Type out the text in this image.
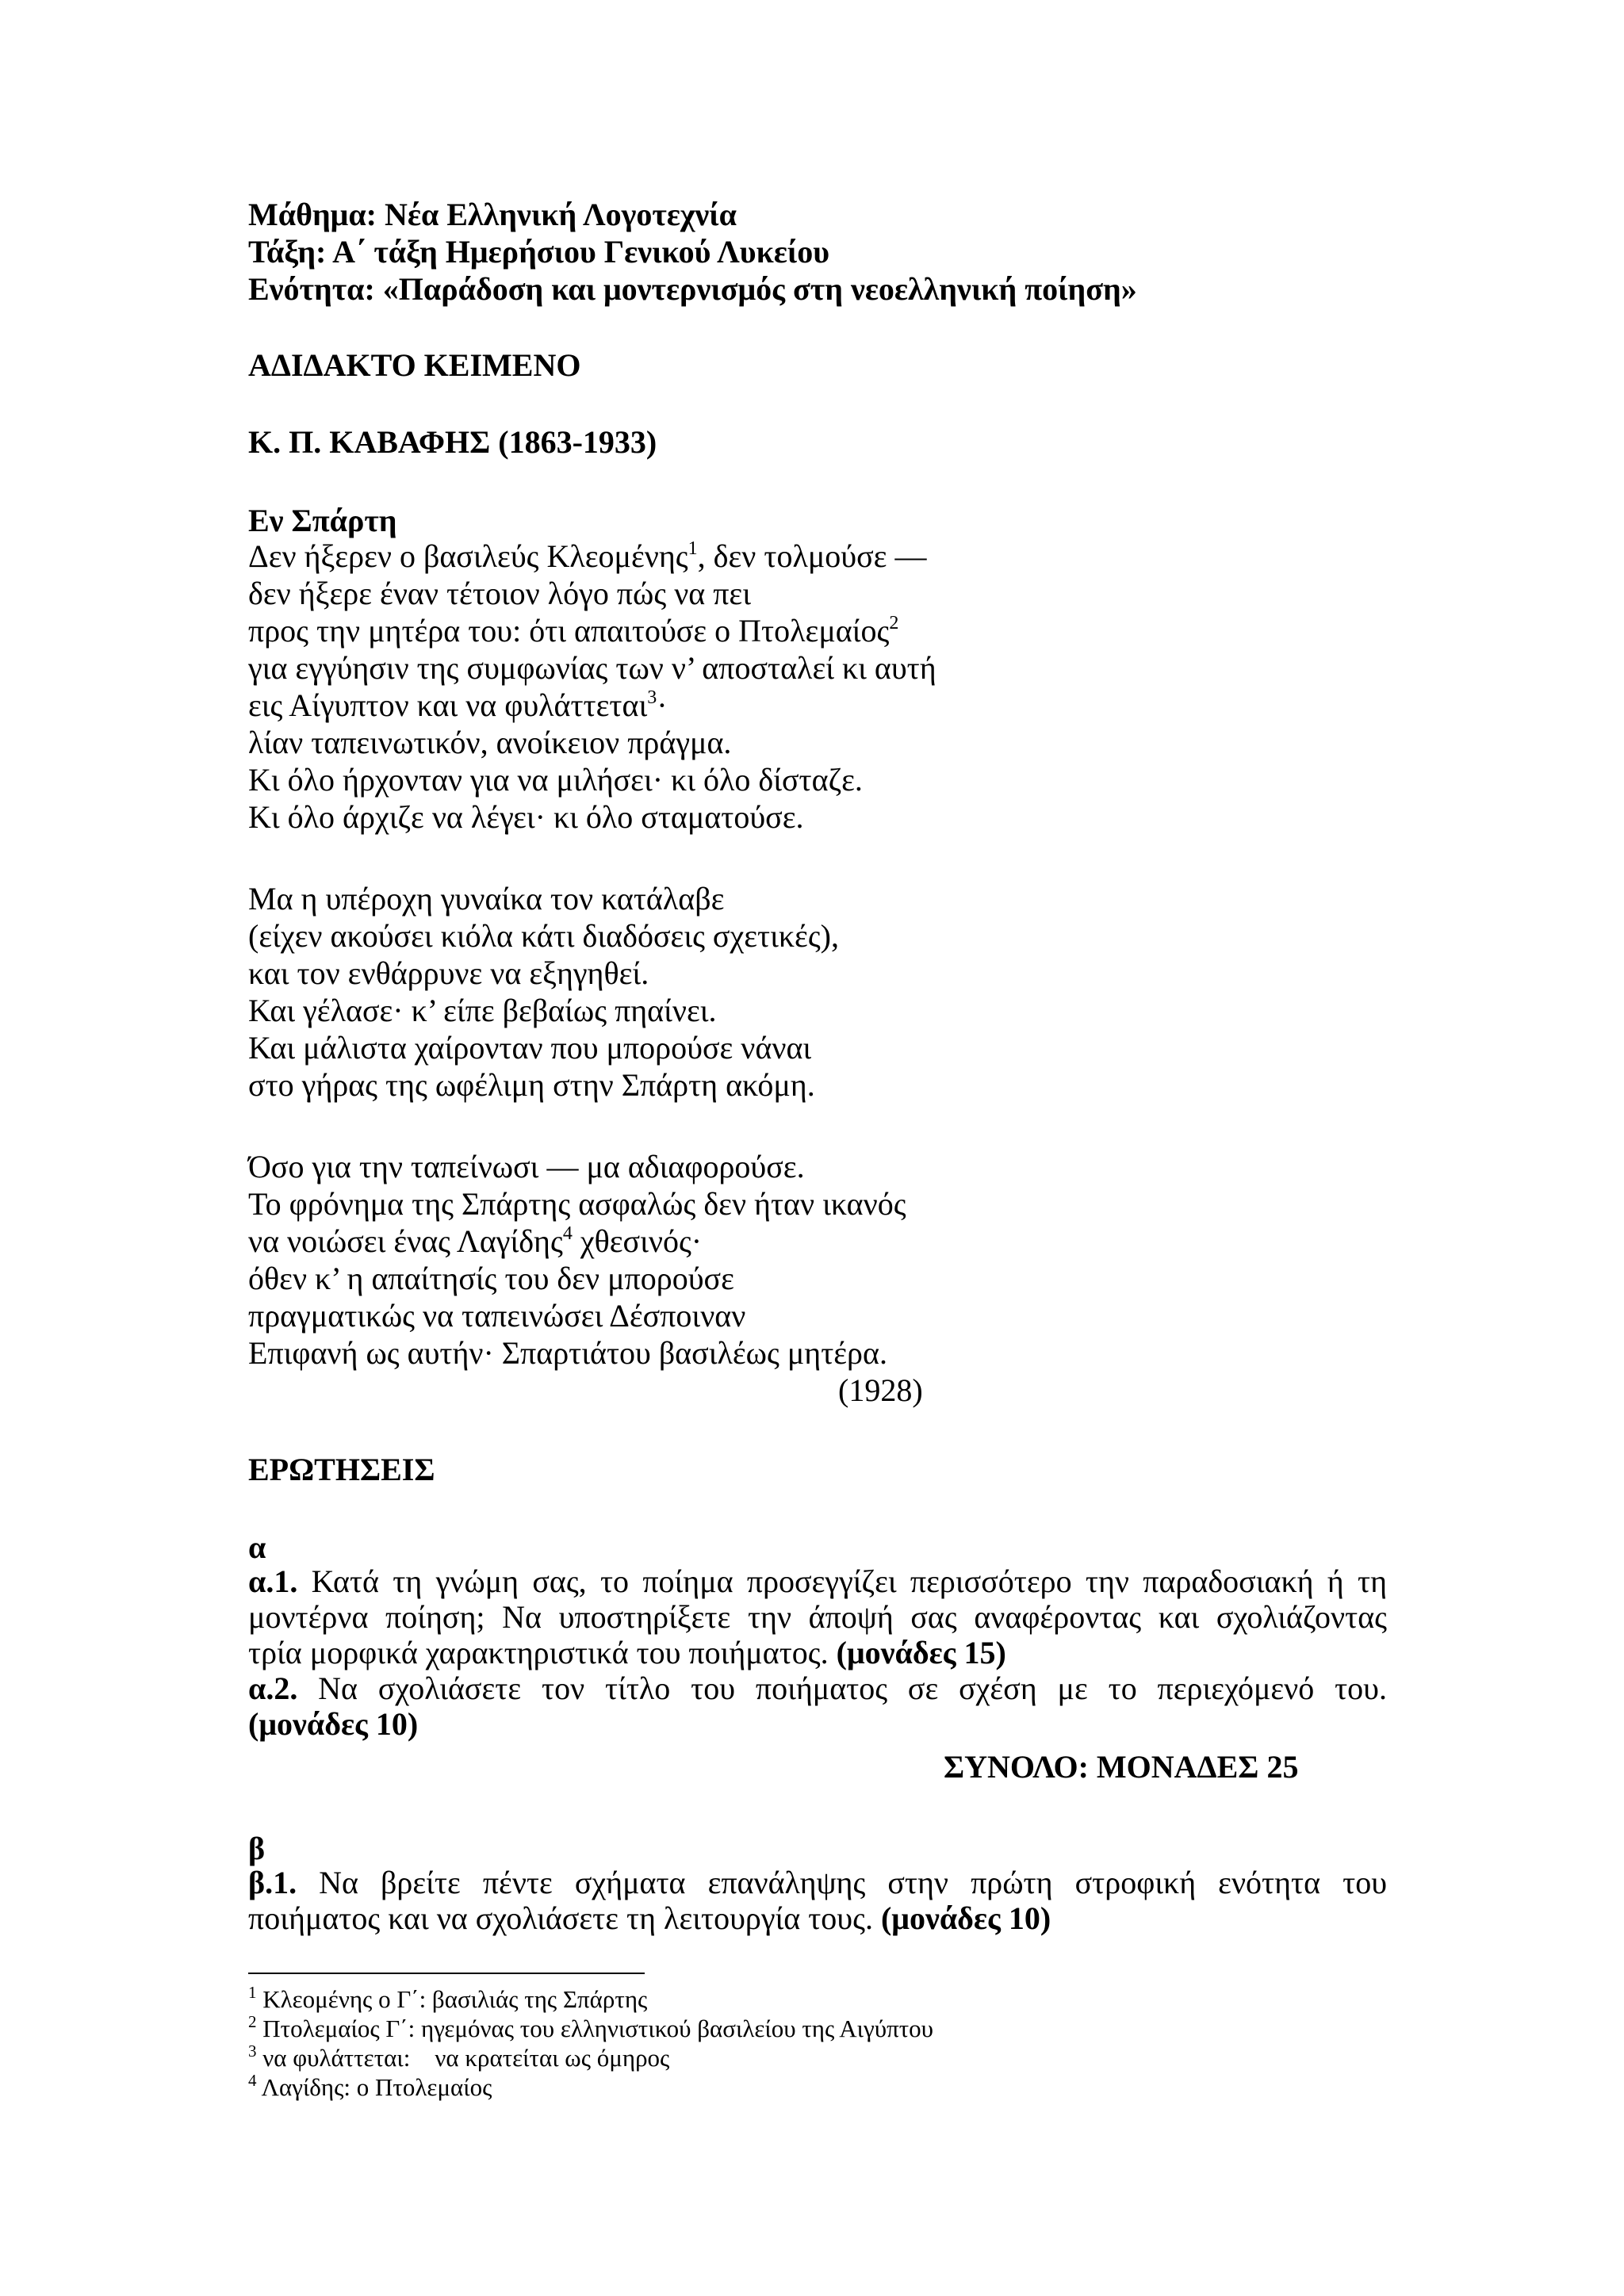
Μάθημα: Νέα Ελληνική Λογοτεχνία

Τάξη: Α΄ τάξη Ημερήσιου Γενικού Λυκείου

Ενότητα: «Παράδοση και μοντερνισμός στη νεοελληνική ποίηση»

ΑΔΙΔΑΚΤΟ ΚΕΙΜΕΝΟ

Κ. Π. ΚΑΒΑΦΗΣ (1863-1933)

Εν Σπάρτη

Δεν ήξερεν ο βασιλεύς Κλεομένης$^1$, δεν τολμούσε —

δεν ήξερε έναν τέτοιον λόγο πώς να πει

προς την μητέρα του: ότι απαιτούσε ο Πτολεμαίος$^2$

για εγγύησιν της συμφωνίας των ν’ αποσταλεί κι αυτή

εις Αίγυπτον και να φυλάττεται$^3$·

λίαν ταπεινωτικόν, ανοίκειον πράγμα.

Κι όλο ήρχονταν για να μιλήσει· κι όλο δίσταζε.

Κι όλο άρχιζε να λέγει· κι όλο σταματούσε.

Μα η υπέροχη γυναίκα τον κατάλαβε

(είχεν ακούσει κιόλα κάτι διαδόσεις σχετικές),

και τον ενθάρρυνε να εξηγηθεί.

Και γέλασε· κ’ είπε βεβαίως πηαίνει.

Και μάλιστα χαίρονταν που μπορούσε νάναι

στο γήρας της ωφέλιμη στην Σπάρτη ακόμη.

Όσο για την ταπείνωσι — μα αδιαφορούσε.

Το φρόνημα της Σπάρτης ασφαλώς δεν ήταν ικανός

να νοιώσει ένας Λαγίδης$^4$ χθεσινός·

όθεν κ’ η απαίτησίς του δεν μπορούσε

πραγματικώς να ταπεινώσει Δέσποιναν

Επιφανή ως αυτήν· Σπαρτιάτου βασιλέως μητέρα.

(1928)

ΕΡΩΤΗΣΕΙΣ

α

α.1. Κατά τη γνώμη σας, το ποίημα προσεγγίζει περισσότερο την παραδοσιακή ή τη
μοντέρνα ποίηση; Να υποστηρίξετε την άποψή σας αναφέροντας και σχολιάζοντας
τρία μορφικά χαρακτηριστικά του ποιήματος. (μονάδες 15)
α.2. Να σχολιάσετε τον τίτλο του ποιήματος σε σχέση με το περιεχόμενό του.
(μονάδες 10)
ΣΥΝΟΛΟ: ΜΟΝΑΔΕΣ 25

β

β.1. Να βρείτε πέντε σχήματα επανάληψης στην πρώτη στροφική ενότητα του
ποιήματος και να σχολιάσετε τη λειτουργία τους. (μονάδες 10)
$^1$ Κλεομένης ο Γ΄: βασιλιάς της Σπάρτης
$^2$ Πτολεμαίος Γ΄: ηγεμόνας του ελληνιστικού βασιλείου της Αιγύπτου
$^3$ να φυλάττεται:    να κρατείται ως όμηρος
$^4$ Λαγίδης: ο Πτολεμαίος
